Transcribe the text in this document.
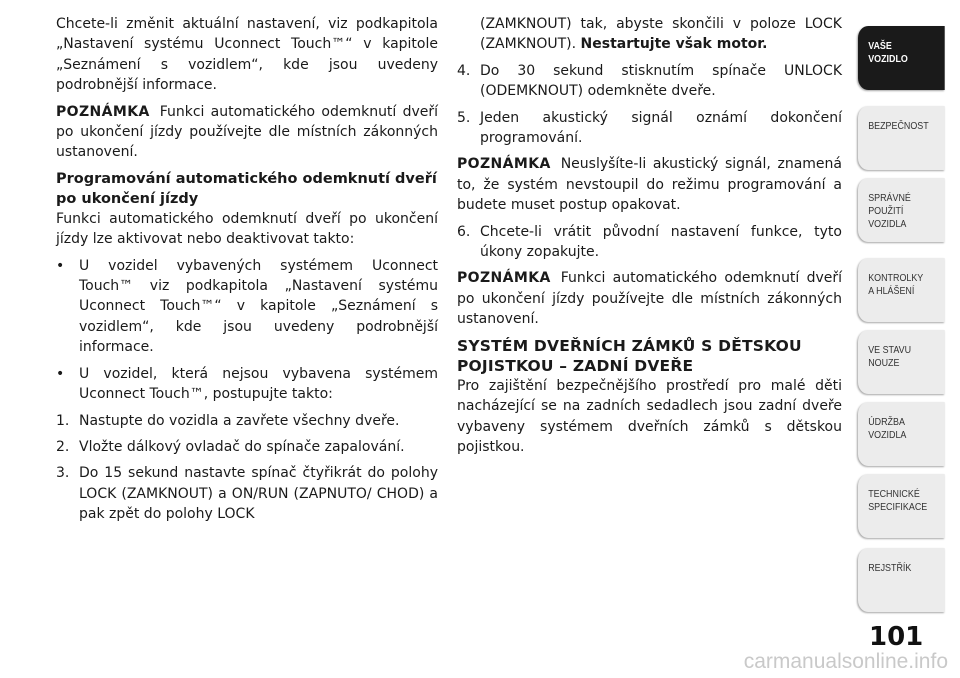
Chcete-li změnit aktuální nastavení, viz podkapitola „Nastavení systému Uconnect Touch™“ v kapitole „Seznámení s vozidlem“, kde jsou uvedeny podrobnější informace.

POZNÁMKA Funkci automatického odemknutí dveří po ukončení jízdy používejte dle místních zákonných ustanovení.

Programování automatického odemknutí dveří po ukončení jízdy

Funkci automatického odemknutí dveří po ukončení jízdy lze aktivovat nebo deaktivovat takto:

•	U vozidel vybavených systémem Uconnect Touch™ viz podkapitola „Nastavení systému Uconnect Touch™“ v kapitole „Seznámení s vozidlem“, kde jsou uvedeny podrobnější informace.
•	U vozidel, která nejsou vybavena systémem Uconnect Touch™, postupujte takto:
1. Nastupte do vozidla a zavřete všechny dveře.
2. Vložte dálkový ovladač do spínače zapalování.
3. Do 15 sekund nastavte spínač čtyřikrát do polohy LOCK (ZAMKNOUT) a ON/RUN (ZAPNUTO/ CHOD) a pak zpět do polohy LOCK
(ZAMKNOUT) tak, abyste skončili v poloze LOCK (ZAMKNOUT). Nestartujte však motor.
4. Do 30 sekund stisknutím spínače UNLOCK (ODEMKNOUT) odemkněte dveře.
5. Jeden akustický signál oznámí dokončení programování.

POZNÁMKA Neuslyšíte-li akustický signál, znamená to, že systém nevstoupil do režimu programování a budete muset postup opakovat.

6. Chcete-li vrátit původní nastavení funkce, tyto úkony zopakujte.

POZNÁMKA Funkci automatického odemknutí dveří po ukončení jízdy používejte dle místních zákonných ustanovení.

SYSTÉM DVEŘNÍCH ZÁMKŮ S DĚTSKOU POJISTKOU – ZADNÍ DVEŘE

Pro zajištění bezpečnějšího prostředí pro malé děti nacházející se na zadních sedadlech jsou zadní dveře vybaveny systémem dveřních zámků s dětskou pojistkou.

VAŠE
VOZIDLO
BEZPEČNOST
SPRÁVNÉ
POUŽITÍ
VOZIDLA
KONTROLKY
A HLÁŠENÍ
VE STAVU
NOUZE
ÚDRŽBA
VOZIDLA
TECHNICKÉ
SPECIFIKACE
REJSTŘÍK
101
carmanualsonline.info
